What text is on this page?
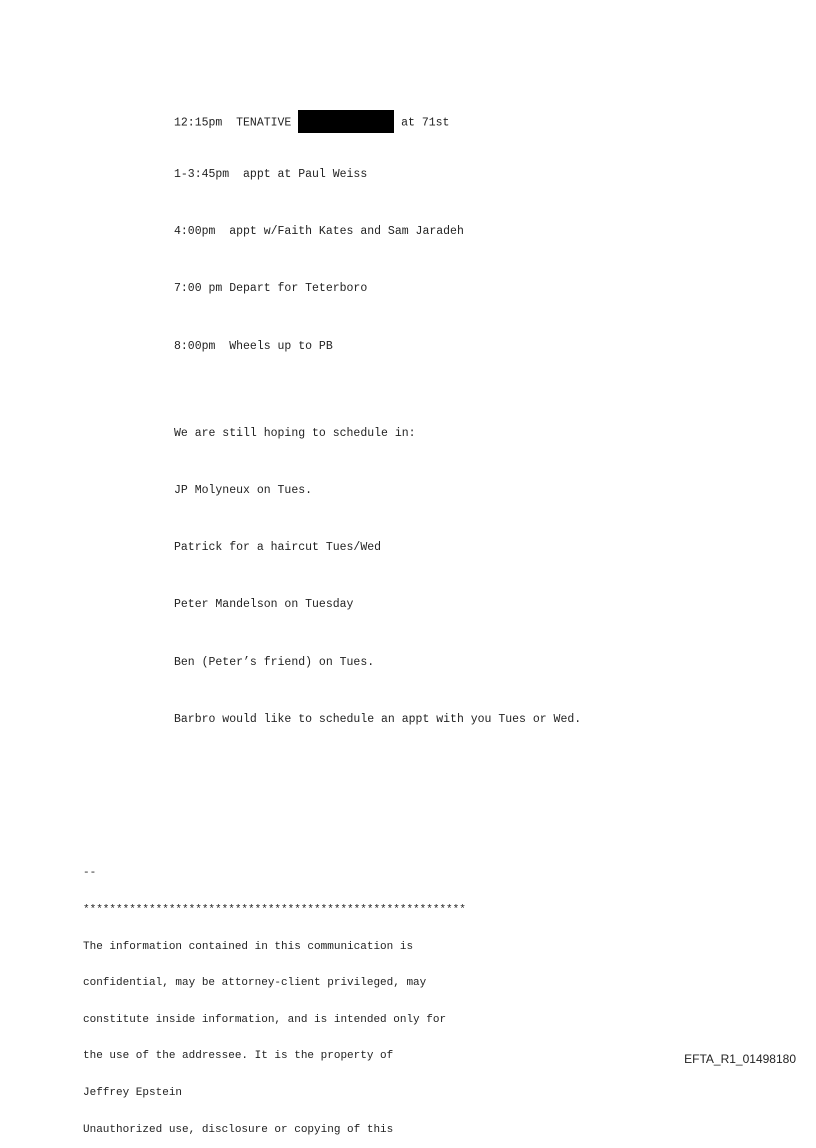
12:15pm  TENATIVE	at 71st
1-3:45pm  appt at Paul Weiss
4:00pm  appt w/Faith Kates and Sam Jaradeh
7:00 pm Depart for Teterboro
8:00pm  Wheels up to PB
We are still hoping to schedule in:
JP Molyneux on Tues.
Patrick for a haircut Tues/Wed
Peter Mandelson on Tuesday
Ben (Peter’s friend) on Tues.
Barbro would like to schedule an appt with you Tues or Wed.

--

**********************************************************

The information contained in this communication is

confidential, may be attorney-client privileged, may

constitute inside information, and is intended only for

the use of the addressee. It is the property of

Jeffrey Epstein

Unauthorized use, disclosure or copying of this

EFTA_R1_01498180
